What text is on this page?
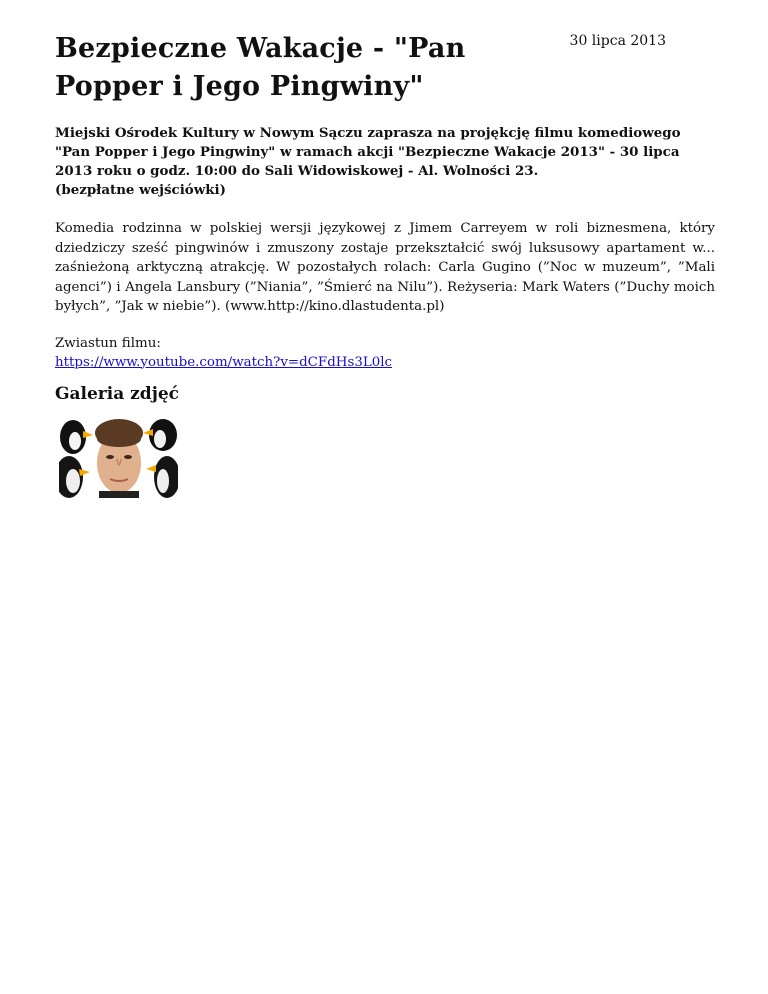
Bezpieczne Wakacje - "Pan Popper i Jego Pingwiny"
30 lipca 2013

Miejski Ośrodek Kultury w Nowym Sączu zaprasza na projękcję filmu komediowego "Pan Popper i Jego Pingwiny" w ramach akcji "Bezpieczne Wakacje 2013" - 30 lipca 2013 roku o godz. 10:00 do Sali Widowiskowej - Al. Wolności 23.
(bezpłatne wejściówki)

Komedia rodzinna w polskiej wersji językowej z Jimem Carreyem w roli biznesmena, który dziedziczy sześć pingwinów i zmuszony zostaje przekształcić swój luksusowy apartament w... zaśnieżoną arktyczną atrakcję. W pozostałych rolach: Carla Gugino (”Noc w muzeum”, ”Mali agenci”) i Angela Lansbury (”Niania”, ”Śmierć na Nilu”). Reżyseria: Mark Waters (”Duchy moich byłych”, ”Jak w niebie”). (www.http://kino.dlastudenta.pl)

Zwiastun filmu:
https://www.youtube.com/watch?v=dCFdHs3L0lc

Galeria zdjęć
